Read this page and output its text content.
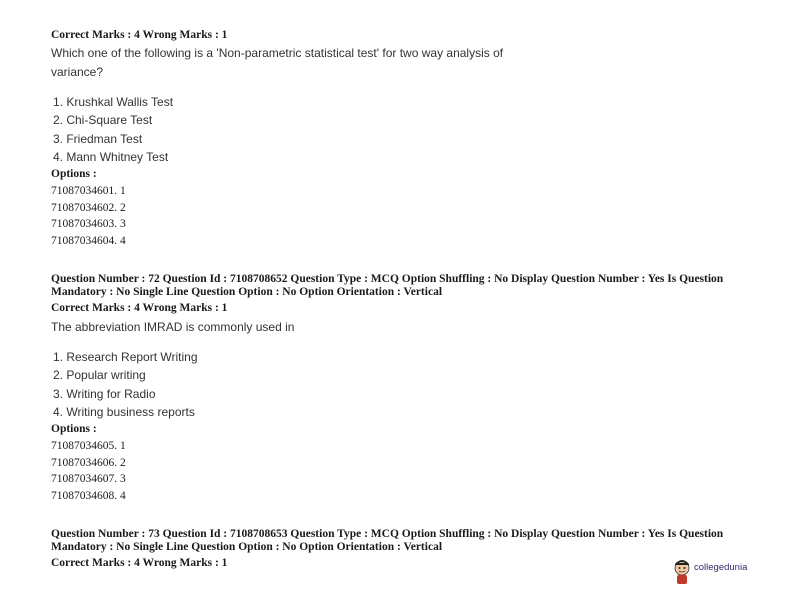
Correct Marks : 4 Wrong Marks : 1
Which one of the following is a 'Non-parametric statistical test' for two way analysis of variance?
1. Krushkal Wallis Test
2. Chi-Square Test
3. Friedman Test
4. Mann Whitney Test
Options :
71087034601. 1
71087034602. 2
71087034603. 3
71087034604. 4
Question Number : 72 Question Id : 7108708652 Question Type : MCQ Option Shuffling : No Display Question Number : Yes Is Question Mandatory : No Single Line Question Option : No Option Orientation : Vertical
Correct Marks : 4 Wrong Marks : 1
The abbreviation IMRAD is commonly used in
1. Research Report Writing
2. Popular writing
3. Writing for Radio
4. Writing business reports
Options :
71087034605. 1
71087034606. 2
71087034607. 3
71087034608. 4
Question Number : 73 Question Id : 7108708653 Question Type : MCQ Option Shuffling : No Display Question Number : Yes Is Question Mandatory : No Single Line Question Option : No Option Orientation : Vertical
Correct Marks : 4 Wrong Marks : 1	collegedunia
